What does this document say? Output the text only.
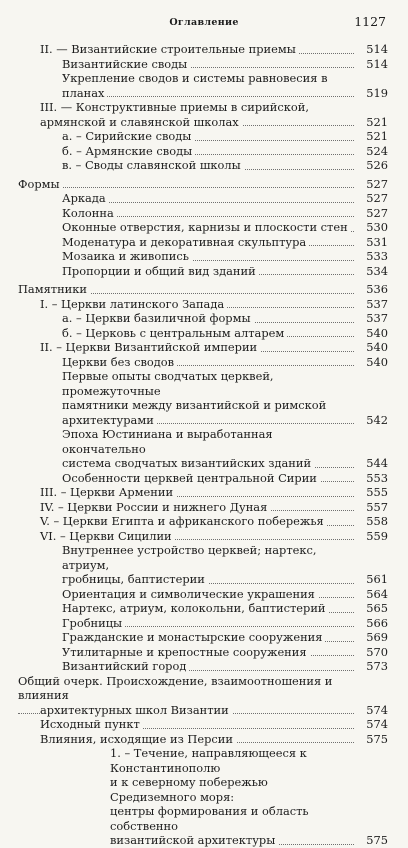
Оглавление	1127
II. — Византийские строительные приемы	514
Византийские своды	514
Укрепление сводов и системы равновесия в планах	519
III. — Конструктивные приемы в сирийской,
армянской и славянской школах	521
а. – Сирийские своды	521
б. – Армянские своды	524
в. – Своды славянской школы	526
Формы	527
Аркада	527
Колонна	527
Оконные отверстия, карнизы и плоскости стен	530
Моденатура и декоративная скульптура	531
Мозаика и живопись	533
Пропорции и общий вид зданий	534
Памятники	536
I. – Церкви латинского Запада	537
а. – Церкви базиличной формы	537
б. – Церковь с центральным алтарем	540
II. – Церкви Византийской империи	540
Церкви без сводов	540
Первые опыты сводчатых церквей, промежуточные
памятники между византийской и римской
архитектурами	542
Эпоха Юстиниана и выработанная окончательно
система сводчатых византийских зданий	544
Особенности церквей центральной Сирии	553
III. – Церкви Армении	555
IV. – Церкви России и нижнего Дуная	557
V. – Церкви Египта и африканского побережья	558
VI. – Церкви Сицилии	559
Внутреннее устройство церквей; нартекс, атриум,
гробницы, баптистерии	561
Ориентация и символические украшения	564
Нартекс, атриум, колокольни, баптистерий	565
Гробницы	566
Гражданские и монастырские сооружения	569
Утилитарные и крепостные сооружения	570
Византийский город	573
Общий очерк. Происхождение, взаимоотношения и влияния
архитектурных школ Византии	574
Исходный пункт	574
Влияния, исходящие из Персии	575
1. – Течение, направляющееся к Константинополю
и к северному побережью Средиземного моря:
центры формирования и область собственно
византийской архитектуры	575
